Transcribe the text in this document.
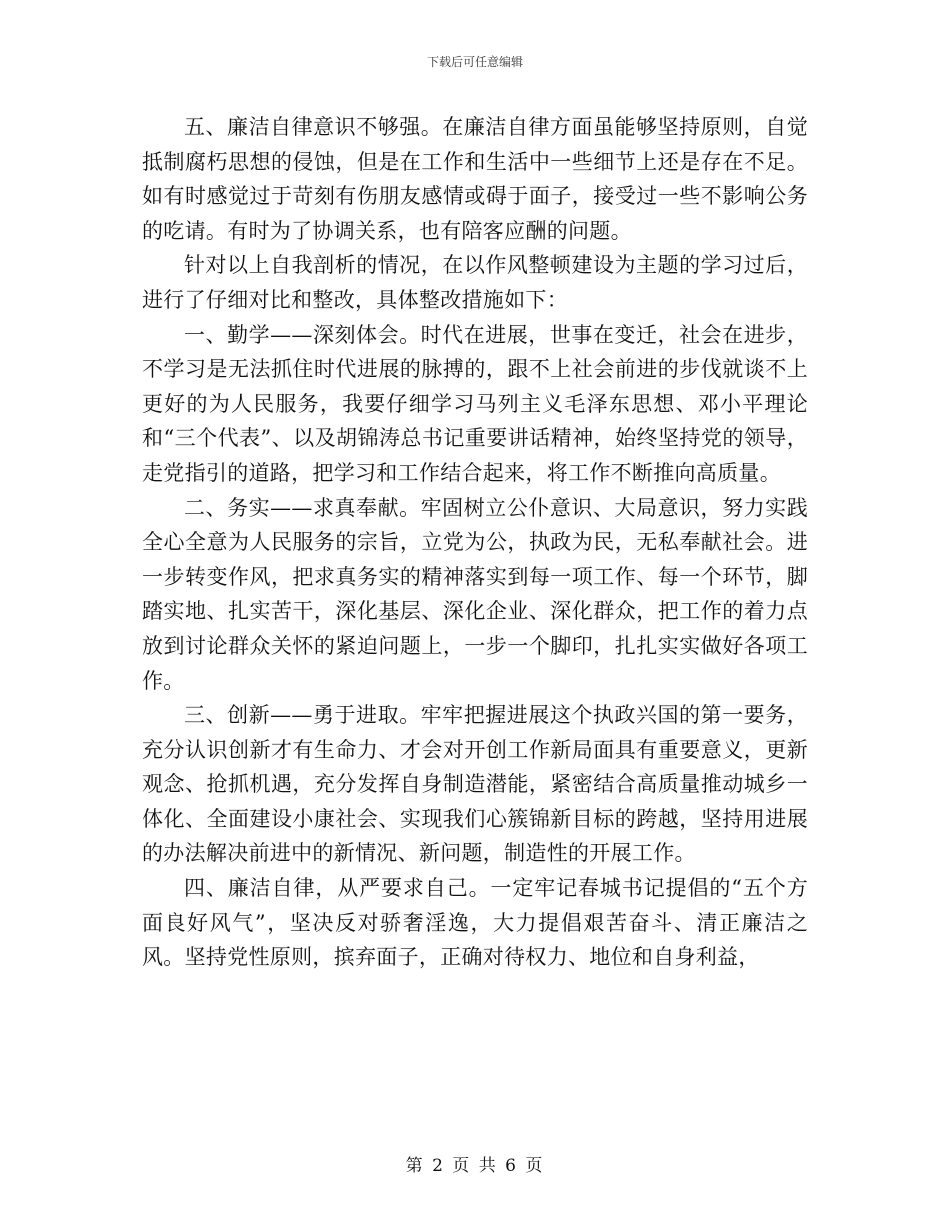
下载后可任意编辑

五、廉洁自律意识不够强。在廉洁自律方面虽能够坚持原则，自觉抵制腐朽思想的侵蚀，但是在工作和生活中一些细节上还是存在不足。如有时感觉过于苛刻有伤朋友感情或碍于面子，接受过一些不影响公务的吃请。有时为了协调关系，也有陪客应酬的问题。

针对以上自我剖析的情况，在以作风整顿建设为主题的学习过后，进行了仔细对比和整改，具体整改措施如下：

一、勤学——深刻体会。时代在进展，世事在变迁，社会在进步，不学习是无法抓住时代进展的脉搏的，跟不上社会前进的步伐就谈不上更好的为人民服务，我要仔细学习马列主义毛泽东思想、邓小平理论和“三个代表”、以及胡锦涛总书记重要讲话精神，始终坚持党的领导，走党指引的道路，把学习和工作结合起来，将工作不断推向高质量。

二、务实——求真奉献。牢固树立公仆意识、大局意识，努力实践全心全意为人民服务的宗旨，立党为公，执政为民，无私奉献社会。进一步转变作风，把求真务实的精神落实到每一项工作、每一个环节，脚踏实地、扎实苦干，深化基层、深化企业、深化群众，把工作的着力点放到讨论群众关怀的紧迫问题上，一步一个脚印，扎扎实实做好各项工作。

三、创新——勇于进取。牢牢把握进展这个执政兴国的第一要务，充分认识创新才有生命力、才会对开创工作新局面具有重要意义，更新观念、抢抓机遇，充分发挥自身制造潜能，紧密结合高质量推动城乡一体化、全面建设小康社会、实现我们心簇锦新目标的跨越，坚持用进展的办法解决前进中的新情况、新问题，制造性的开展工作。

四、廉洁自律，从严要求自己。一定牢记春城书记提倡的“五个方面良好风气”，坚决反对骄奢淫逸，大力提倡艰苦奋斗、清正廉洁之风。坚持党性原则，摈弃面子，正确对待权力、地位和自身利益，

第 2 页 共 6 页
